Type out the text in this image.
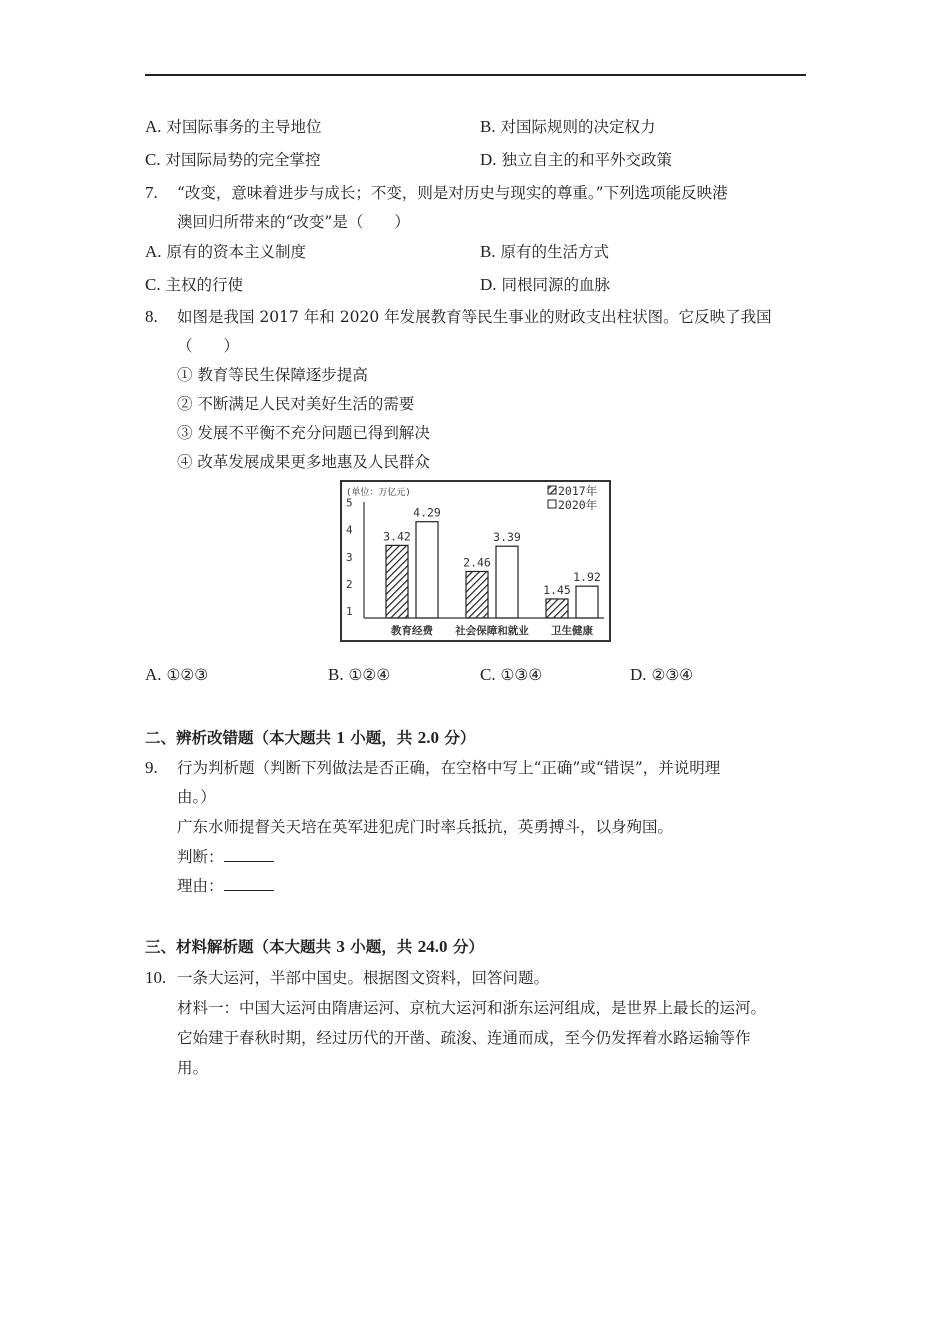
A. 对国际事务的主导地位	B. 对国际规则的决定权力
C. 对国际局势的完全掌控	D. 独立自主的和平外交政策
7. “改变，意味着进步与成长；不变，则是对历史与现实的尊重。”下列选项能反映港
澳回归所带来的“改变”是（　　）
A. 原有的资本主义制度	B. 原有的生活方式
C. 主权的行使	D. 同根同源的血脉
8. 如图是我国 2017 年和 2020 年发展教育等民生事业的财政支出柱状图。它反映了我国
（　　）
① 教育等民生保障逐步提高
② 不断满足人民对美好生活的需要
③ 发展不平衡不充分问题已得到解决
④ 改革发展成果更多地惠及人民群众
(单位：万亿元)
1
2
3
4
5
3.42
4.29
2.46
3.39
1.45
1.92
教育经费 社会保障和就业 卫生健康
2017年
2020年
A. ①②③	B. ①②④	C. ①③④	D. ②③④
二、辨析改错题（本大题共 1 小题，共 2.0 分）
9. 行为判析题（判断下列做法是否正确，在空格中写上“正确”或“错误”，并说明理
由。）
广东水师提督关天培在英军进犯虎门时率兵抵抗，英勇搏斗，以身殉国。
判断：
理由：
三、材料解析题（本大题共 3 小题，共 24.0 分）
10. 一条大运河，半部中国史。根据图文资料，回答问题。
材料一：中国大运河由隋唐运河、京杭大运河和浙东运河组成，是世界上最长的运河。
它始建于春秋时期，经过历代的开凿、疏浚、连通而成，至今仍发挥着水路运输等作
用。
